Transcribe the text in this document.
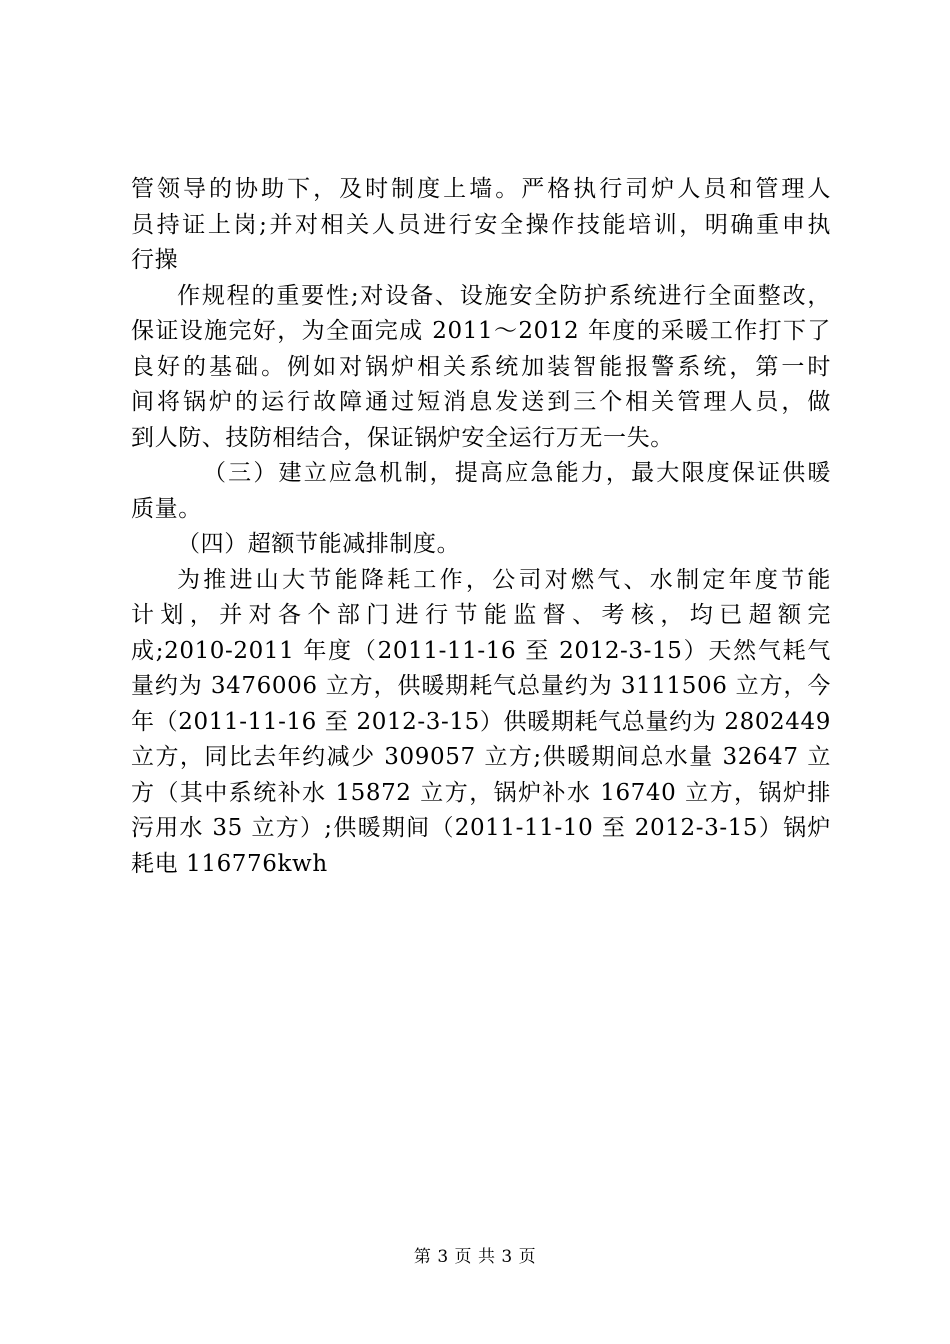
管领导的协助下，及时制度上墙。严格执行司炉人员和管理人
员持证上岗;并对相关人员进行安全操作技能培训，明确重申执
行操
作规程的重要性;对设备、设施安全防护系统进行全面整改，
保证设施完好，为全面完成 2011～2012 年度的采暖工作打下了
良好的基础。例如对锅炉相关系统加装智能报警系统，第一时
间将锅炉的运行故障通过短消息发送到三个相关管理人员，做
到人防、技防相结合，保证锅炉安全运行万无一失。
（三）建立应急机制，提高应急能力，最大限度保证供暖
质量。
（四）超额节能减排制度。
为推进山大节能降耗工作，公司对燃气、水制定年度节能
计划，并对各个部门进行节能监督、考核，均已超额完
成;2010-2011 年度（2011-11-16 至 2012-3-15）天然气耗气
量约为 3476006 立方，供暖期耗气总量约为 3111506 立方，今
年（2011-11-16 至 2012-3-15）供暖期耗气总量约为 2802449
立方，同比去年约减少 309057 立方;供暖期间总水量 32647 立
方（其中系统补水 15872 立方，锅炉补水 16740 立方，锅炉排
污用水 35 立方）;供暖期间（2011-11-10 至 2012-3-15）锅炉
耗电 116776kwh
第 3 页 共 3 页
